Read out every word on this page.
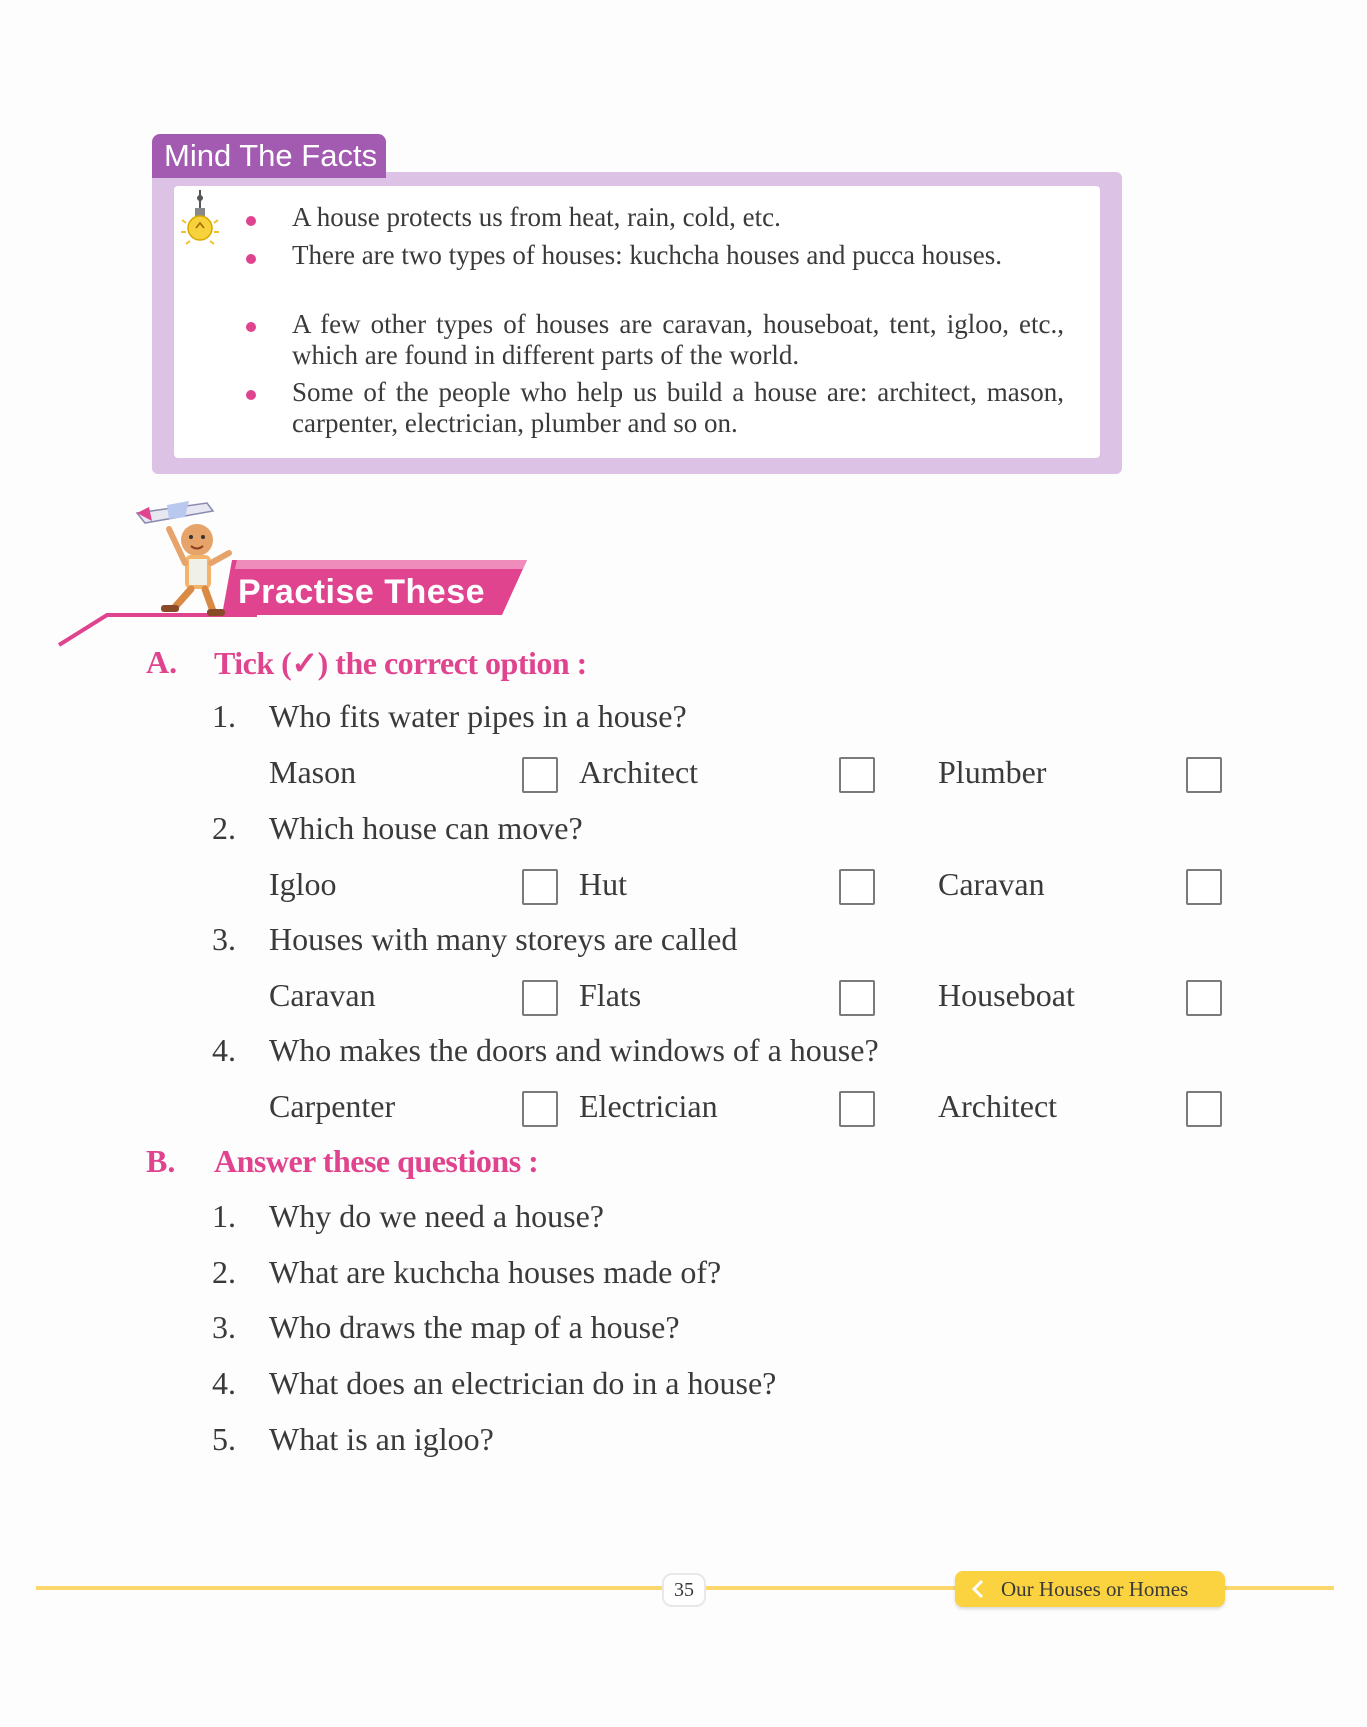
Mind The Facts
A house protects us from heat, rain, cold, etc.
There are two types of houses: kuchcha houses and pucca houses.
A few other types of houses are caravan, houseboat, tent, igloo, etc., which are found in different parts of the world.
Some of the people who help us build a house are: architect, mason, carpenter, electrician, plumber and so on.
Practise These
A. Tick (✓) the correct option :
1. Who fits water pipes in a house?
Mason	Architect	Plumber
2. Which house can move?
Igloo	Hut	Caravan
3. Houses with many storeys are called
Caravan	Flats	Houseboat
4. Who makes the doors and windows of a house?
Carpenter	Electrician	Architect
B. Answer these questions :
1. Why do we need a house?
2. What are kuchcha houses made of?
3. Who draws the map of a house?
4. What does an electrician do in a house?
5. What is an igloo?
35	Our Houses or Homes
